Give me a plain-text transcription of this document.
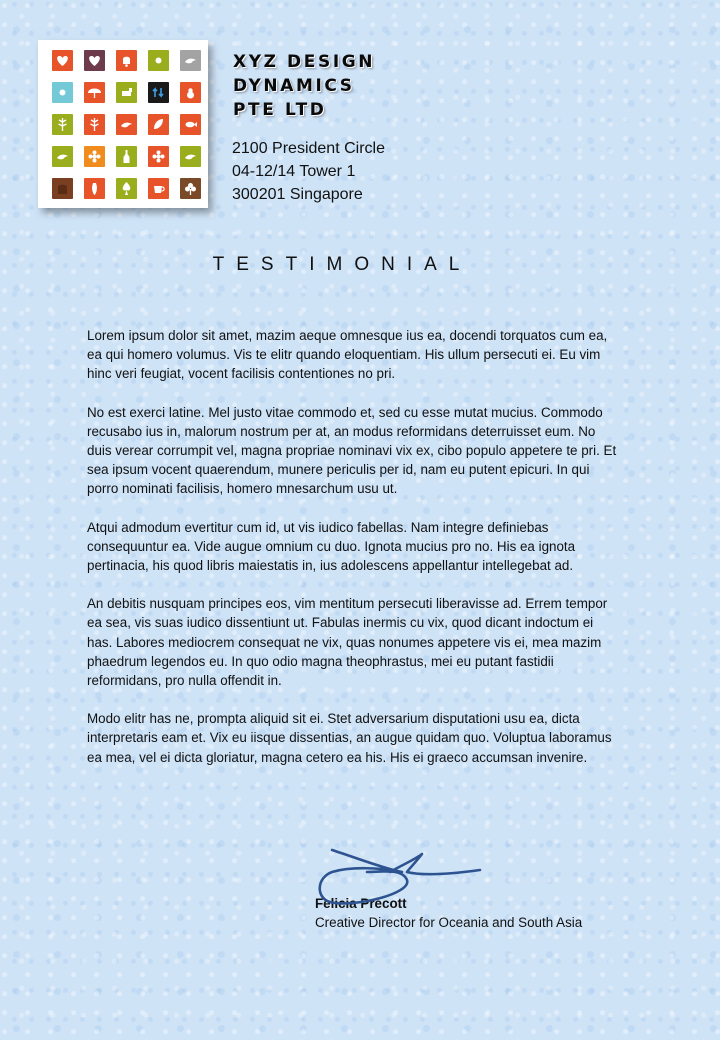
XYZ DESIGN
DYNAMICS
PTE LTD
2100 President Circle
04-12/14 Tower 1
300201 Singapore
TESTIMONIAL

Lorem ipsum dolor sit amet, mazim aeque omnesque ius ea, docendi torquatos cum ea, ea qui homero volumus. Vis te elitr quando eloquentiam. His ullum persecuti ei. Eu vim hinc veri feugiat, vocent facilisis contentiones no pri.

No est exerci latine. Mel justo vitae commodo et, sed cu esse mutat mucius. Commodo recusabo ius in, malorum nostrum per at, an modus reformidans deterruisset eum. No duis verear corrumpit vel, magna propriae nominavi vix ex, cibo populo appetere te pri. Et sea ipsum vocent quaerendum, munere periculis per id, nam eu putent epicuri. In qui porro nominati facilisis, homero mnesarchum usu ut.

Atqui admodum evertitur cum id, ut vis iudico fabellas. Nam integre definiebas consequuntur ea. Vide augue omnium cu duo. Ignota mucius pro no. His ea ignota pertinacia, his quod libris maiestatis in, ius adolescens appellantur intellegebat ad.

An debitis nusquam principes eos, vim mentitum persecuti liberavisse ad. Errem tempor ea sea, vis suas iudico dissentiunt ut. Fabulas inermis cu vix, quod dicant indoctum ei has. Labores mediocrem consequat ne vix, quas nonumes appetere vis ei, mea mazim phaedrum legendos eu. In quo odio magna theophrastus, mei eu putant fastidii reformidans, pro nulla offendit in.

Modo elitr has ne, prompta aliquid sit ei. Stet adversarium disputationi usu ea, dicta interpretaris eam et. Vix eu iisque dissentias, an augue quidam quo. Voluptua laboramus ea mea, vel ei dicta gloriatur, magna cetero ea his. His ei graeco accumsan invenire.

Felicia Precott
Creative Director for Oceania and South Asia
